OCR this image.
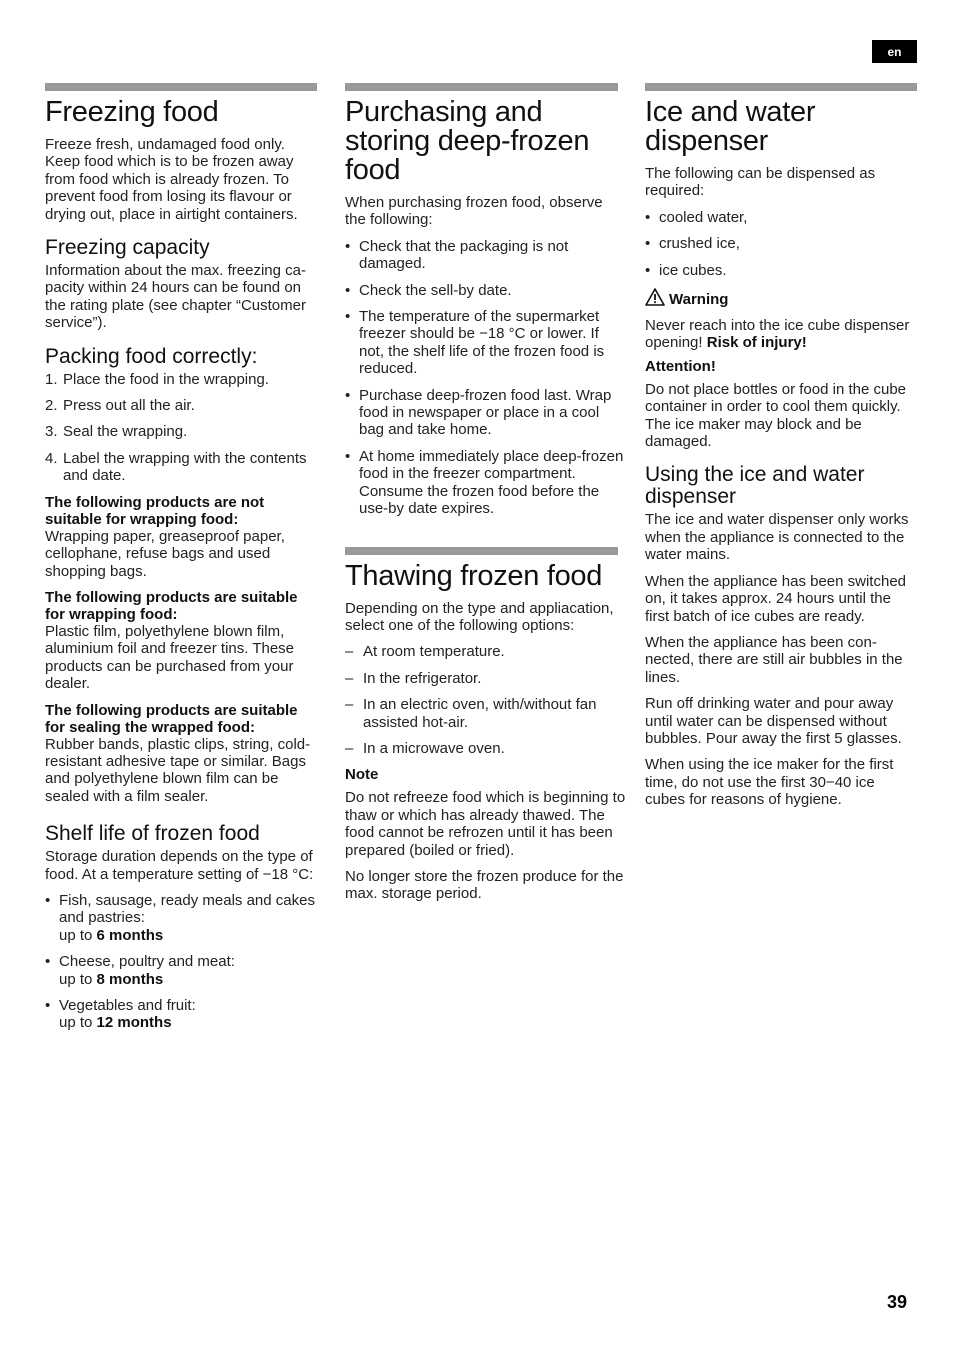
en
Freezing food

Freeze fresh, undamaged food only. Keep food which is to be frozen away from food which is already frozen. To prevent food from losing its flavour or drying out, place in airtight containers.

Freezing capacity

Information about the max. freezing capacity within 24 hours can be found on the rating plate (see chapter “Customer service”).

Packing food correctly:
1. Place the food in the wrapping.
2. Press out all the air.
3. Seal the wrapping.
4. Label the wrapping with the contents and date.
The following products are not suitable for wrapping food:

Wrapping paper, greaseproof paper, cellophane, refuse bags and used shopping bags.

The following products are suitable for wrapping food:

Plastic film, polyethylene blown film, aluminium foil and freezer tins. These products can be purchased from your dealer.

The following products are suitable for sealing the wrapped food:

Rubber bands, plastic clips, string, cold-resistant adhesive tape or similar. Bags and polyethylene blown film can be sealed with a film sealer.

Shelf life of frozen food

Storage duration depends on the type of food. At a temperature setting of −18 °C:

• Fish, sausage, ready meals and cakes and pastries:
up to 6 months
• Cheese, poultry and meat:
up to 8 months
• Vegetables and fruit:
up to 12 months
Purchasing and storing deep-frozen food

When purchasing frozen food, observe the following:

• Check that the packaging is not damaged.
• Check the sell-by date.
• The temperature of the supermarket freezer should be −18 °C or lower. If not, the shelf life of the frozen food is reduced.
• Purchase deep-frozen food last. Wrap food in newspaper or place in a cool bag and take home.
• At home immediately place deep-frozen food in the freezer compartment. Consume the frozen food before the use-by date expires.
Thawing frozen food

Depending on the type and appliacation, select one of the following options:

– At room temperature.
– In the refrigerator.
– In an electric oven, with/without fan assisted hot-air.
– In a microwave oven.
Note

Do not refreeze food which is beginning to thaw or which has already thawed. The food cannot be refrozen until it has been prepared (boiled or fried).

No longer store the frozen produce for the max. storage period.

Ice and water dispenser

The following can be dispensed as required:

• cooled water,
• crushed ice,
• ice cubes.
Warning

Never reach into the ice cube dispenser opening! Risk of injury!

Attention!

Do not place bottles or food in the cube container in order to cool them quickly. The ice maker may block and be damaged.

Using the ice and water dispenser

The ice and water dispenser only works when the appliance is connected to the water mains.

When the appliance has been switched on, it takes approx. 24 hours until the first batch of ice cubes are ready.

When the appliance has been connected, there are still air bubbles in the lines.

Run off drinking water and pour away until water can be dispensed without bubbles. Pour away the first 5 glasses.

When using the ice maker for the first time, do not use the first 30−40 ice cubes for reasons of hygiene.

39
